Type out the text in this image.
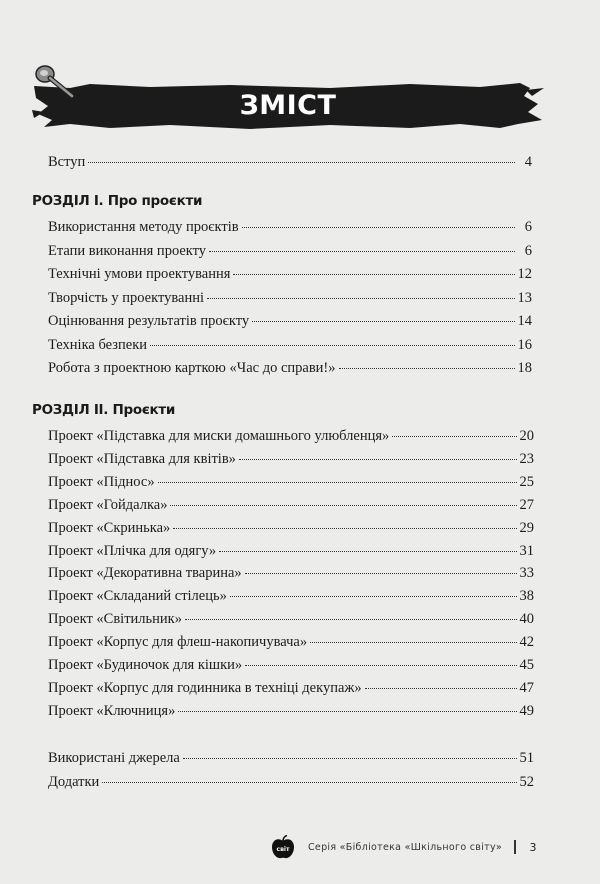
ЗМІСТ
Вступ	4
РОЗДІЛ І. Про проєкти
Використання методу проєктів	6
Етапи виконання проекту	6
Технічні умови проектування	12
Творчість у проектуванні	13
Оцінювання результатів проєкту	14
Техніка безпеки	16
Робота з проектною карткою «Час до справи!»	18
РОЗДІЛ ІІ. Проєкти
Проект «Підставка для миски домашнього улюбленця»	20
Проект «Підставка для квітів»	23
Проект «Піднос»	25
Проект «Гойдалка»	27
Проект «Скринька»	29
Проект «Плічка для одягу»	31
Проект «Декоративна тварина»	33
Проект «Складаний стілець»	38
Проект «Світильник»	40
Проект «Корпус для флеш-накопичувача»	42
Проект «Будиночок для кішки»	45
Проект «Корпус для годинника в техніці декупаж»	47
Проект «Ключниця»	49
Використані джерела	51
Додатки	52
світ Серія «Бібліотека «Шкільного світу»	3
